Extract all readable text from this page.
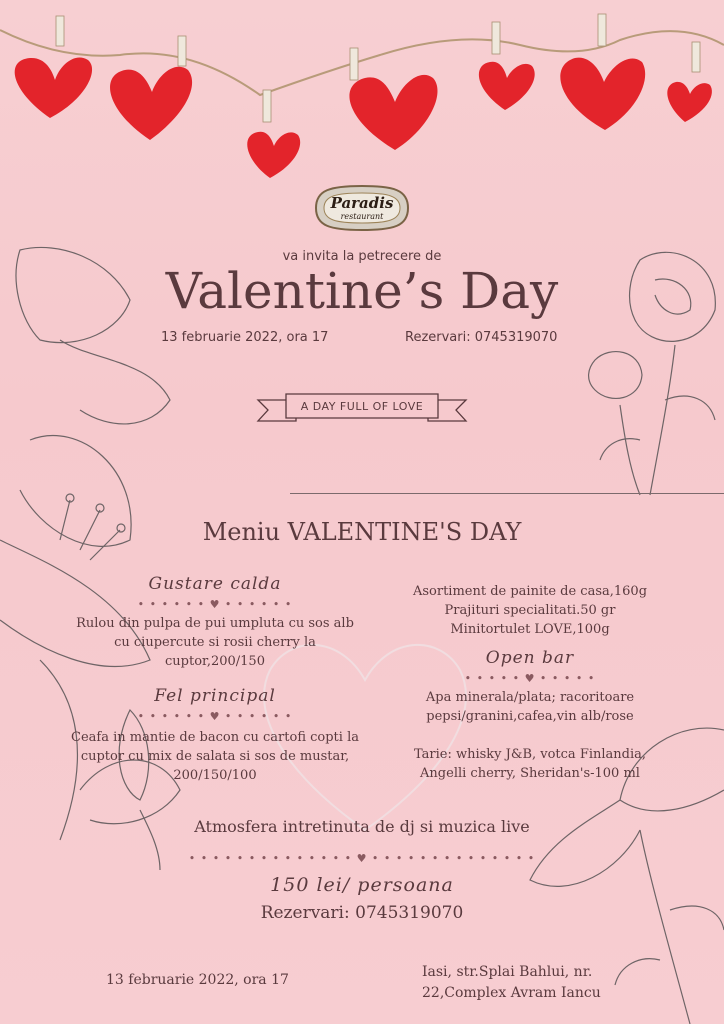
Paradis
restaurant
va invita la petrecere de
Valentine’s Day
13 februarie 2022, ora 17	Rezervari: 0745319070
A DAY FULL OF LOVE
Meniu VALENTINE'S DAY
Gustare calda
• • • • • • ♥ • • • • • •
Rulou din pulpa de pui umpluta cu sos alb cu ciupercute si rosii cherry la cuptor,200/150
Fel principal
• • • • • • ♥ • • • • • •
Ceafa in mantie de bacon cu cartofi copti la cuptor cu mix de salata si sos de mustar, 200/150/100
Asortiment de painite de casa,160g
Prajituri specialitati.50 gr
Minitortulet LOVE,100g
Open bar
• • • • • ♥ • • • • •
Apa minerala/plata; racoritoare pepsi/granini,cafea,vin alb/rose
Tarie: whisky J&B, votca Finlandia, Angelli cherry, Sheridan's-100 ml
Atmosfera intretinuta de dj si muzica live
• • • • • • • • • • • • • • ♥ • • • • • • • • • • • • • •
150 lei/ persoana
Rezervari: 0745319070
13 februarie 2022, ora 17	Iasi, str.Splai Bahlui, nr.
22,Complex Avram Iancu
